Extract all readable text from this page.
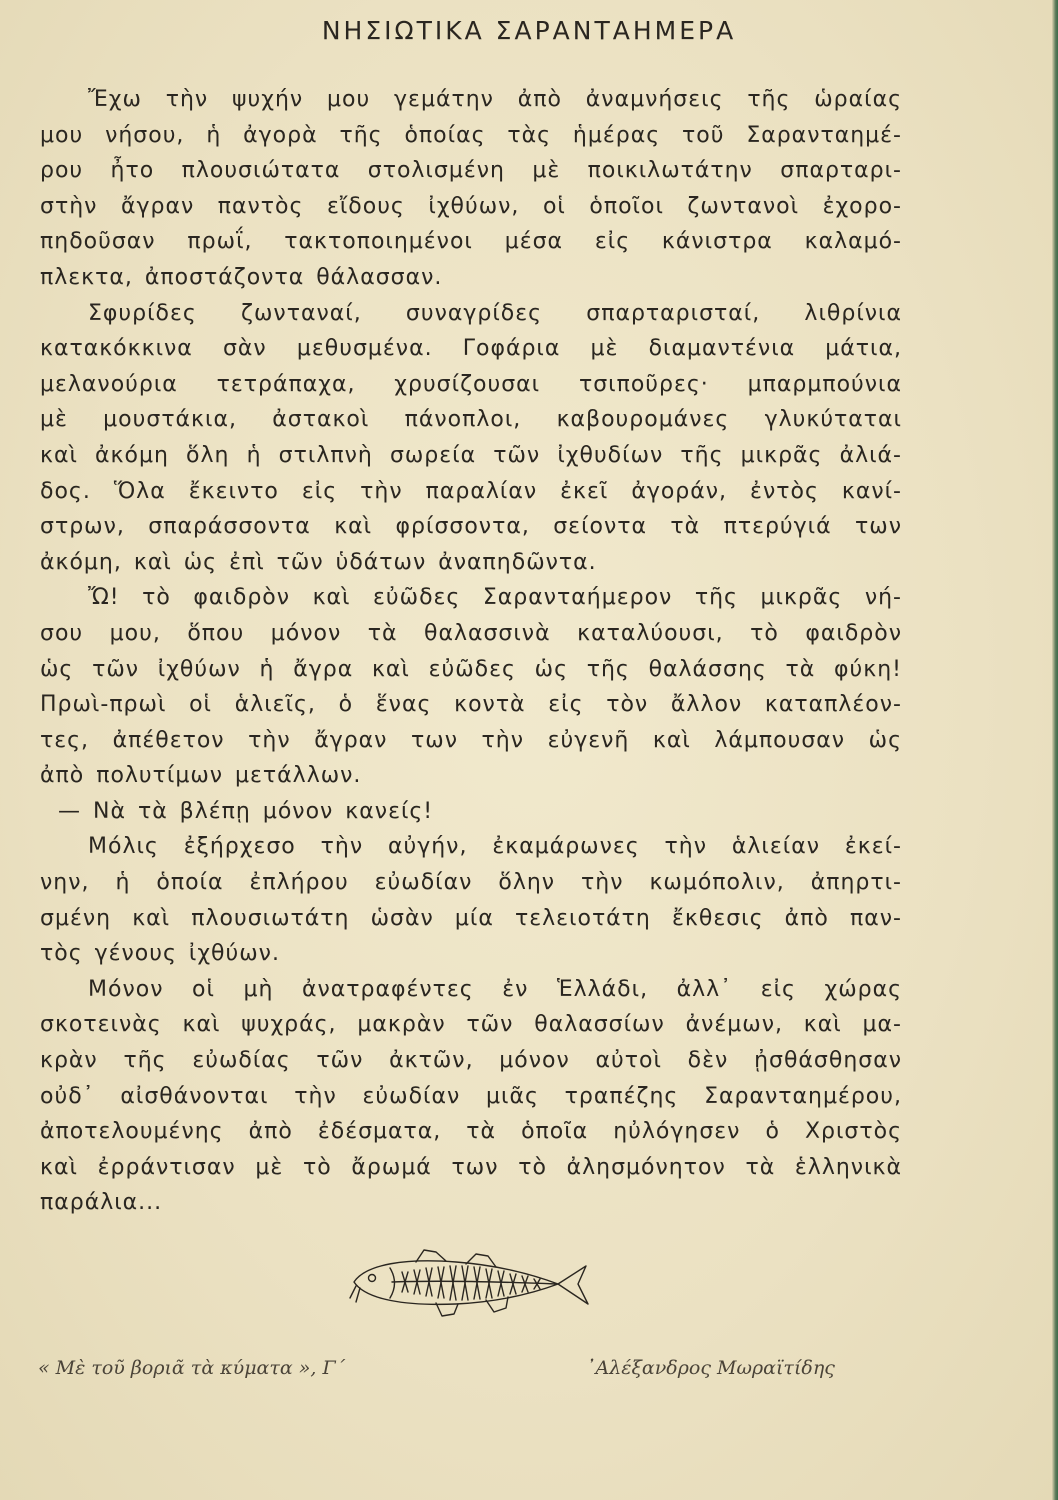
ΝΗΣΙΩΤΙΚΑ ΣΑΡΑΝΤΑΗΜΕΡΑ
Ἔχω τὴν ψυχήν μου γεμάτην ἀπὸ ἀναμνήσεις τῆς ὡραίας
μου νήσου, ἡ ἀγορὰ τῆς ὁποίας τὰς ἡμέρας τοῦ Σαρανταημέ-
ρου ἦτο πλουσιώτατα στολισμένη μὲ ποικιλωτάτην σπαρταρι-
στὴν ἄγραν παντὸς εἴδους ἰχθύων, οἱ ὁποῖοι ζωντανοὶ ἐχορο-
πηδοῦσαν πρωΐ, τακτοποιημένοι μέσα εἰς κάνιστρα καλαμό-
πλεκτα, ἀποστάζοντα θάλασσαν.
Σφυρίδες ζωνταναί, συναγρίδες σπαρταρισταί, λιθρίνια
κατακόκκινα σὰν μεθυσμένα. Γοφάρια μὲ διαμαντένια μάτια,
μελανούρια τετράπαχα, χρυσίζουσαι τσιποῦρες· μπαρμπούνια
μὲ μουστάκια, ἀστακοὶ πάνοπλοι, καβουρομάνες γλυκύταται
καὶ ἀκόμη ὅλη ἡ στιλπνὴ σωρεία τῶν ἰχθυδίων τῆς μικρᾶς ἀλιά-
δος. Ὅλα ἔκειντο εἰς τὴν παραλίαν ἐκεῖ ἀγοράν, ἐντὸς κανί-
στρων, σπαράσσοντα καὶ φρίσσοντα, σείοντα τὰ πτερύγιά των
ἀκόμη, καὶ ὡς ἐπὶ τῶν ὑδάτων ἀναπηδῶντα.
Ὤ! τὸ φαιδρὸν καὶ εὐῶδες Σαρανταήμερον τῆς μικρᾶς νή-
σου μου, ὅπου μόνον τὰ θαλασσινὰ καταλύουσι, τὸ φαιδρὸν
ὡς τῶν ἰχθύων ἡ ἄγρα καὶ εὐῶδες ὡς τῆς θαλάσσης τὰ φύκη!
Πρωὶ-πρωὶ οἱ ἁλιεῖς, ὁ ἕνας κοντὰ εἰς τὸν ἄλλον καταπλέον-
τες, ἀπέθετον τὴν ἄγραν των τὴν εὐγενῆ καὶ λάμπουσαν ὡς
ἀπὸ πολυτίμων μετάλλων.
— Νὰ τὰ βλέπῃ μόνον κανείς!
Μόλις ἐξήρχεσο τὴν αὐγήν, ἐκαμάρωνες τὴν ἁλιείαν ἐκεί-
νην, ἡ ὁποία ἐπλήρου εὐωδίαν ὅλην τὴν κωμόπολιν, ἀπηρτι-
σμένη καὶ πλουσιωτάτη ὡσὰν μία τελειοτάτη ἔκθεσις ἀπὸ παν-
τὸς γένους ἰχθύων.
Μόνον οἱ μὴ ἀνατραφέντες ἐν Ἑλλάδι, ἀλλ᾽ εἰς χώρας
σκοτεινὰς καὶ ψυχράς, μακρὰν τῶν θαλασσίων ἀνέμων, καὶ μα-
κρὰν τῆς εὐωδίας τῶν ἀκτῶν, μόνον αὐτοὶ δὲν ᾐσθάσθησαν
οὐδ᾽ αἰσθάνονται τὴν εὐωδίαν μιᾶς τραπέζης Σαρανταημέρου,
ἀποτελουμένης ἀπὸ ἐδέσματα, τὰ ὁποῖα ηὐλόγησεν ὁ Χριστὸς
καὶ ἐρράντισαν μὲ τὸ ἄρωμά των τὸ ἀλησμόνητον τὰ ἑλληνικὰ
παράλια...
« Μὲ τοῦ βοριᾶ τὰ κύματα », Γ΄	᾽Αλέξανδρος Μωραϊτίδης
